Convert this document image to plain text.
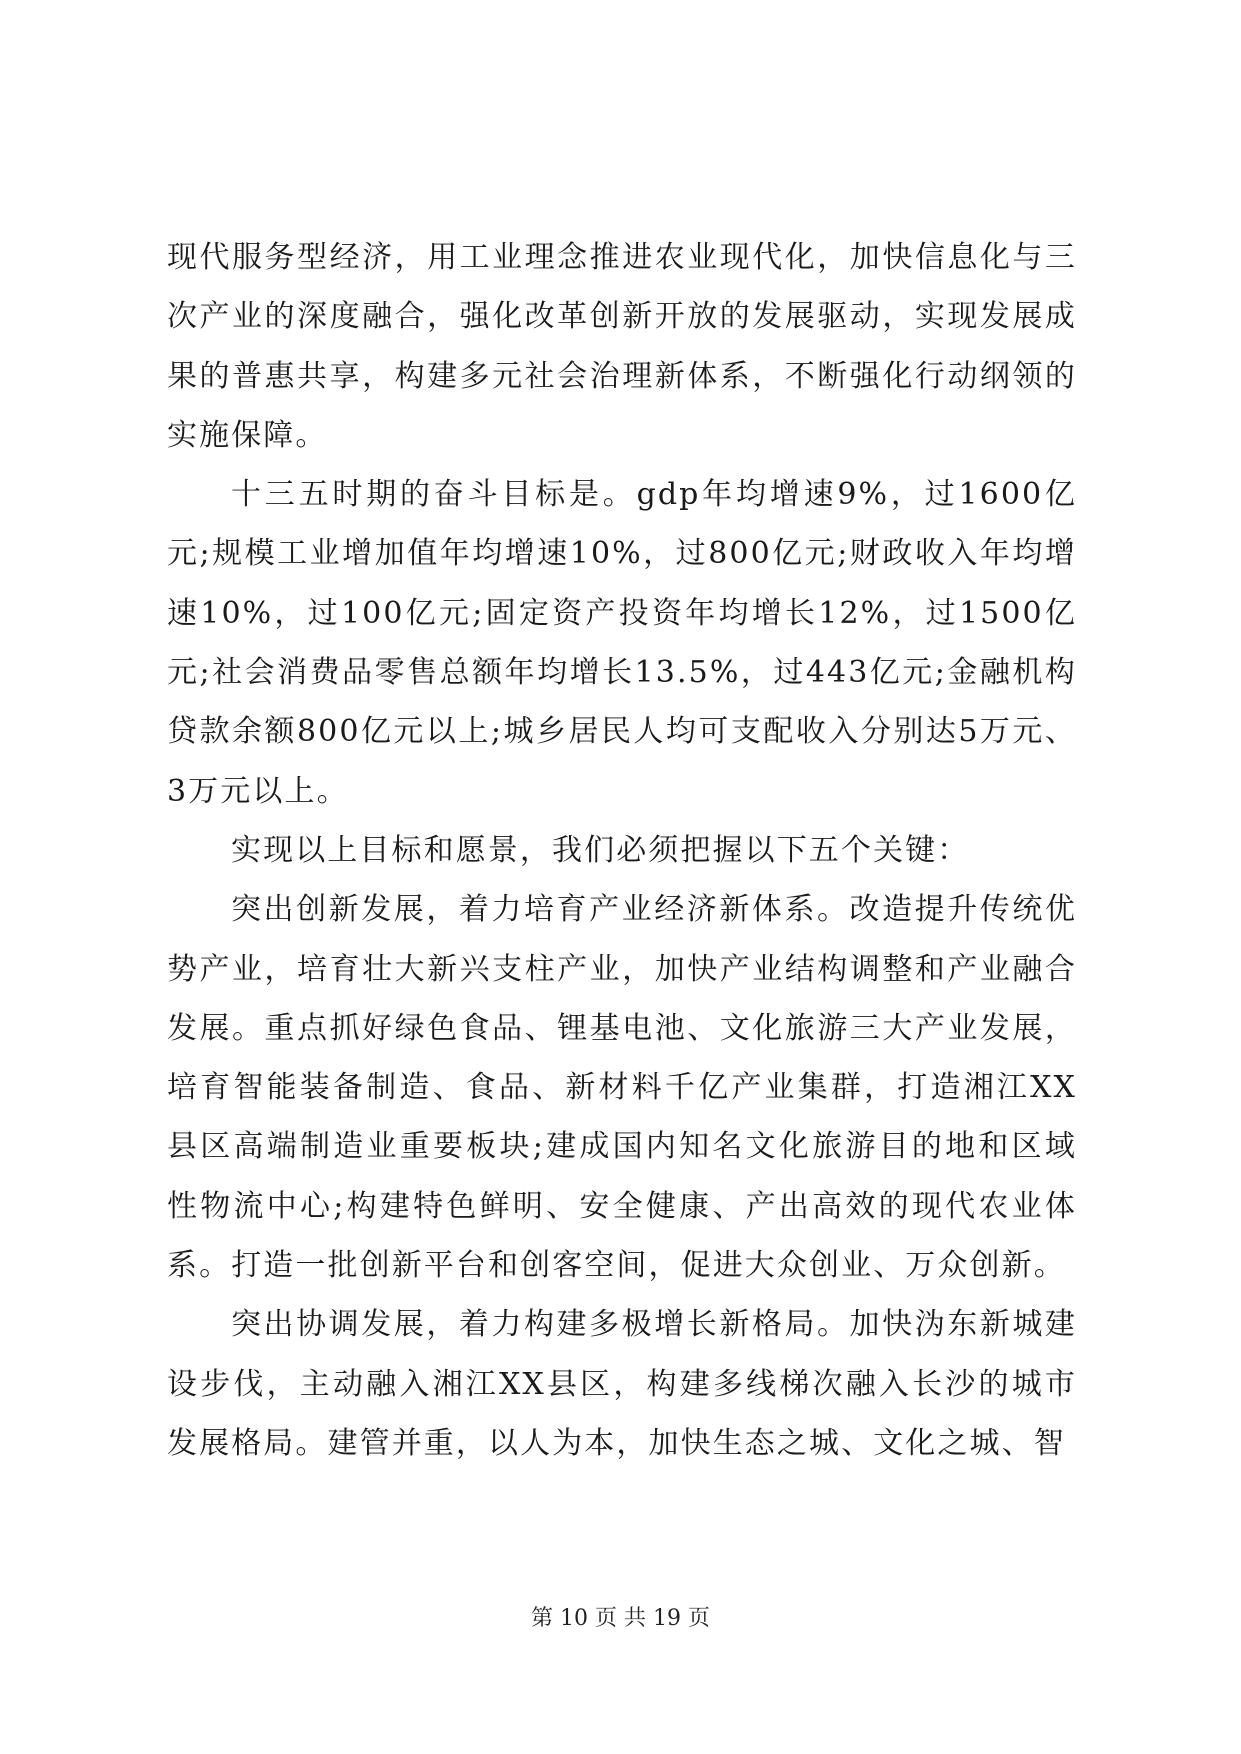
现代服务型经济，用工业理念推进农业现代化，加快信息化与三次产业的深度融合，强化改革创新开放的发展驱动，实现发展成果的普惠共享，构建多元社会治理新体系，不断强化行动纲领的实施保障。

十三五时期的奋斗目标是。gdp年均增速9%，过1600亿元;规模工业增加值年均增速10%，过800亿元;财政收入年均增速10%，过100亿元;固定资产投资年均增长12%，过1500亿元;社会消费品零售总额年均增长13.5%，过443亿元;金融机构贷款余额800亿元以上;城乡居民人均可支配收入分别达5万元、3万元以上。

实现以上目标和愿景，我们必须把握以下五个关键：

突出创新发展，着力培育产业经济新体系。改造提升传统优势产业，培育壮大新兴支柱产业，加快产业结构调整和产业融合发展。重点抓好绿色食品、锂基电池、文化旅游三大产业发展，培育智能装备制造、食品、新材料千亿产业集群，打造湘江XX县区高端制造业重要板块;建成国内知名文化旅游目的地和区域性物流中心;构建特色鲜明、安全健康、产出高效的现代农业体系。打造一批创新平台和创客空间，促进大众创业、万众创新。

突出协调发展，着力构建多极增长新格局。加快沩东新城建设步伐，主动融入湘江XX县区，构建多线梯次融入长沙的城市发展格局。建管并重，以人为本，加快生态之城、文化之城、智

第 10 页 共 19 页
